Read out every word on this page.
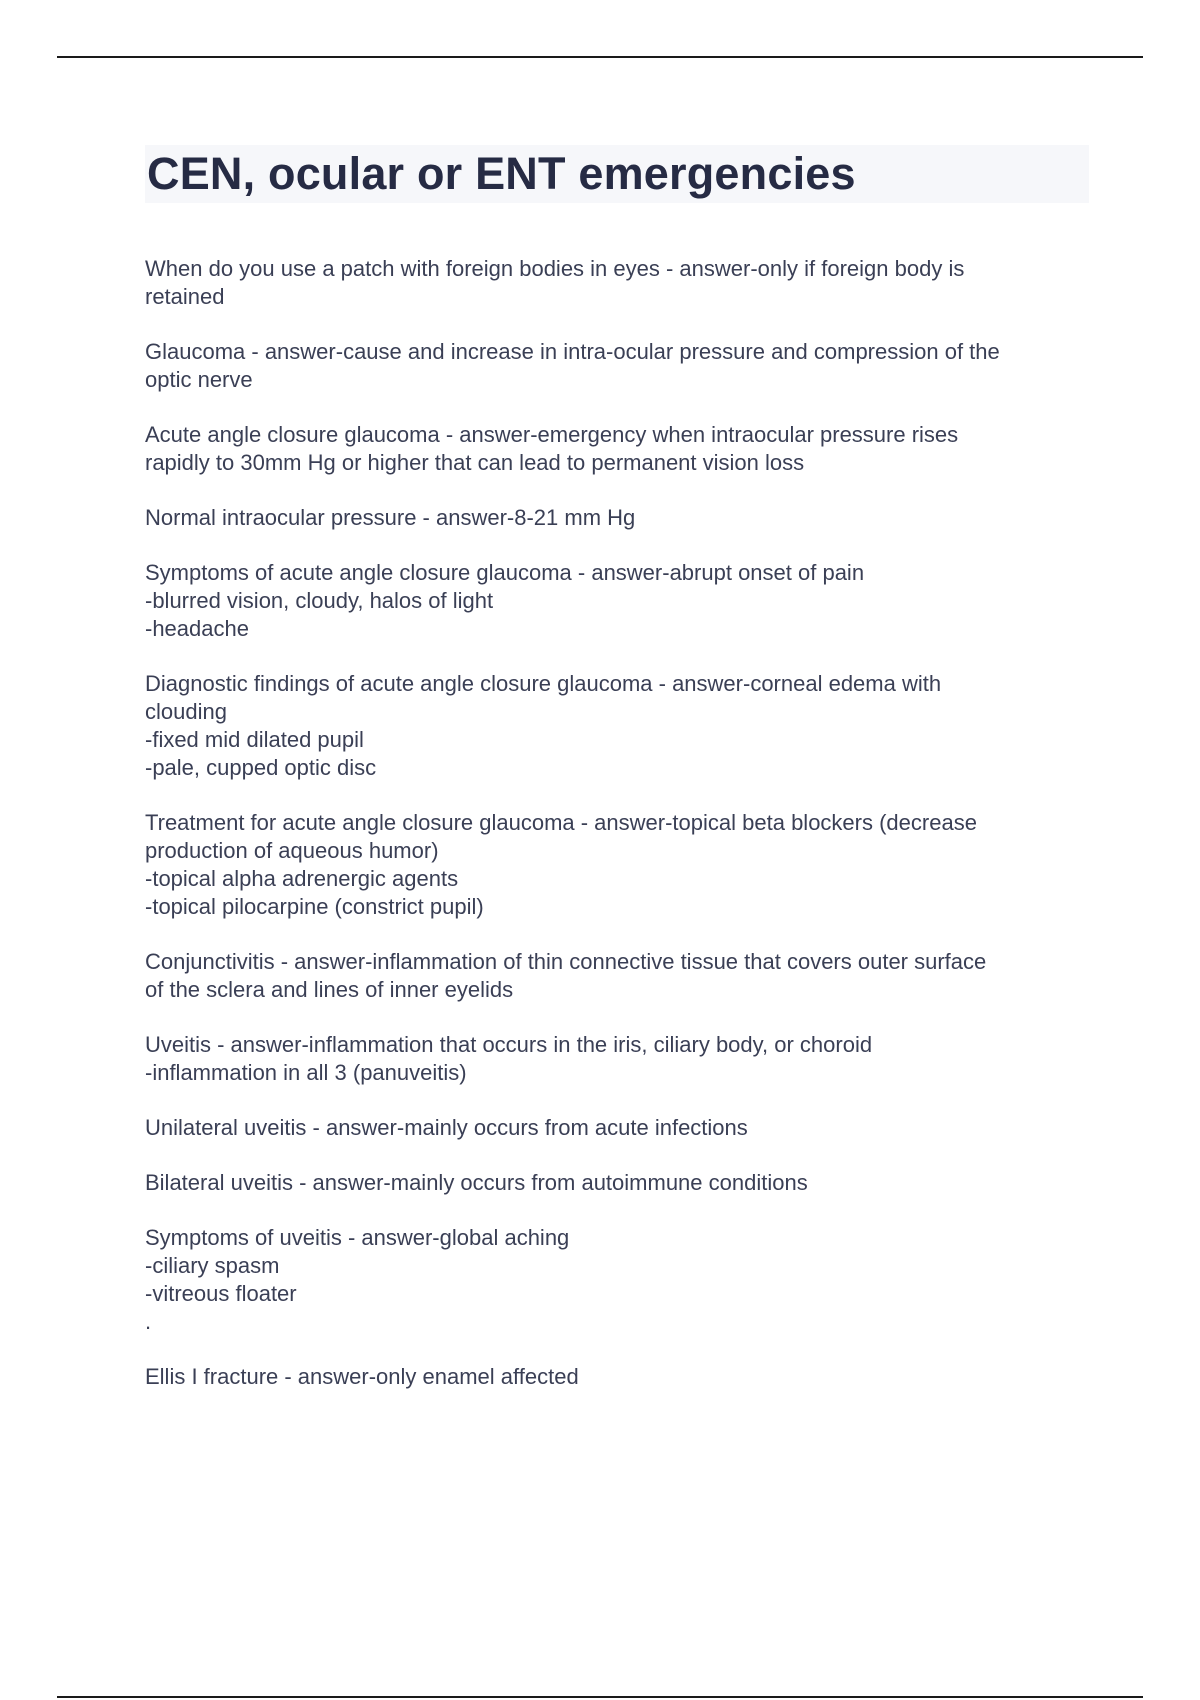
CEN, ocular or ENT emergencies

When do you use a patch with foreign bodies in eyes - answer-only if foreign body is
retained

Glaucoma - answer-cause and increase in intra-ocular pressure and compression of the
optic nerve

Acute angle closure glaucoma - answer-emergency when intraocular pressure rises
rapidly to 30mm Hg or higher that can lead to permanent vision loss

Normal intraocular pressure - answer-8-21 mm Hg

Symptoms of acute angle closure glaucoma - answer-abrupt onset of pain
-blurred vision, cloudy, halos of light
-headache

Diagnostic findings of acute angle closure glaucoma - answer-corneal edema with
clouding
-fixed mid dilated pupil
-pale, cupped optic disc

Treatment for acute angle closure glaucoma - answer-topical beta blockers (decrease
production of aqueous humor)
-topical alpha adrenergic agents
-topical pilocarpine (constrict pupil)

Conjunctivitis - answer-inflammation of thin connective tissue that covers outer surface
of the sclera and lines of inner eyelids

Uveitis - answer-inflammation that occurs in the iris, ciliary body, or choroid
-inflammation in all 3 (panuveitis)

Unilateral uveitis - answer-mainly occurs from acute infections

Bilateral uveitis - answer-mainly occurs from autoimmune conditions

Symptoms of uveitis - answer-global aching
-ciliary spasm
-vitreous floater
.

Ellis I fracture - answer-only enamel affected
